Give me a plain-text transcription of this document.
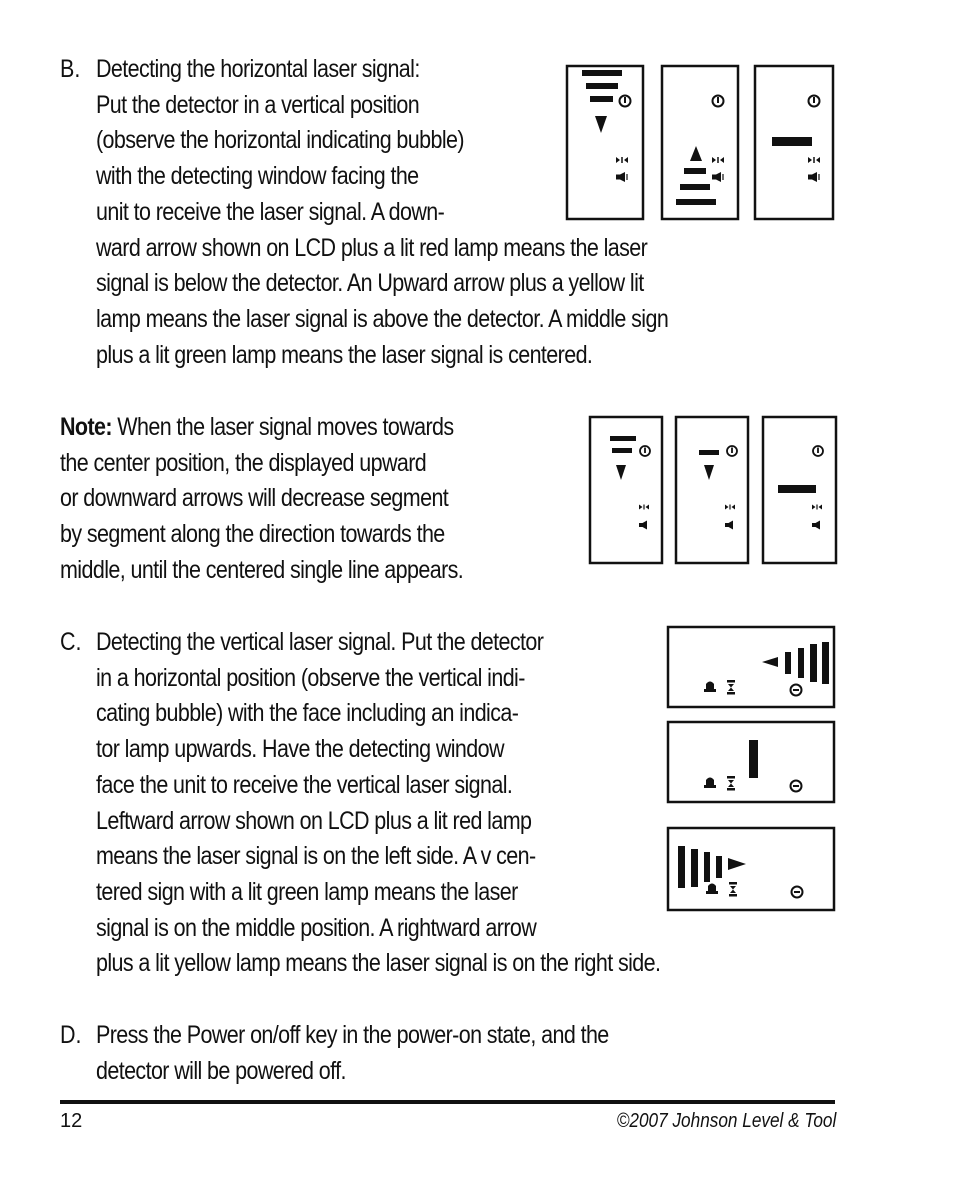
B. Detecting the horizontal laser signal:
Put the detector in a vertical position
(observe the horizontal indicating bubble)
with the detecting window facing the
unit to receive the laser signal. A down-
ward arrow shown on LCD plus a lit red lamp means the laser
signal is below the detector. An Upward arrow plus a yellow lit
lamp means the laser signal is above the detector. A middle sign
plus a lit green lamp means the laser signal is centered.
Note: When the laser signal moves towards
the center position, the displayed upward
or downward arrows will decrease segment
by segment along the direction towards the
middle, until the centered single line appears.
C. Detecting the vertical laser signal. Put the detector
in a horizontal position (observe the vertical indi-
cating bubble) with the face including an indica-
tor lamp upwards. Have the detecting window
face the unit to receive the vertical laser signal.
Leftward arrow shown on LCD plus a lit red lamp
means the laser signal is on the left side. A v cen-
tered sign with a lit green lamp means the laser
signal is on the middle position. A rightward arrow
plus a lit yellow lamp means the laser signal is on the right side.
D. Press the Power on/off key in the power-on state, and the
detector will be powered off.
12	©2007 Johnson Level & Tool
